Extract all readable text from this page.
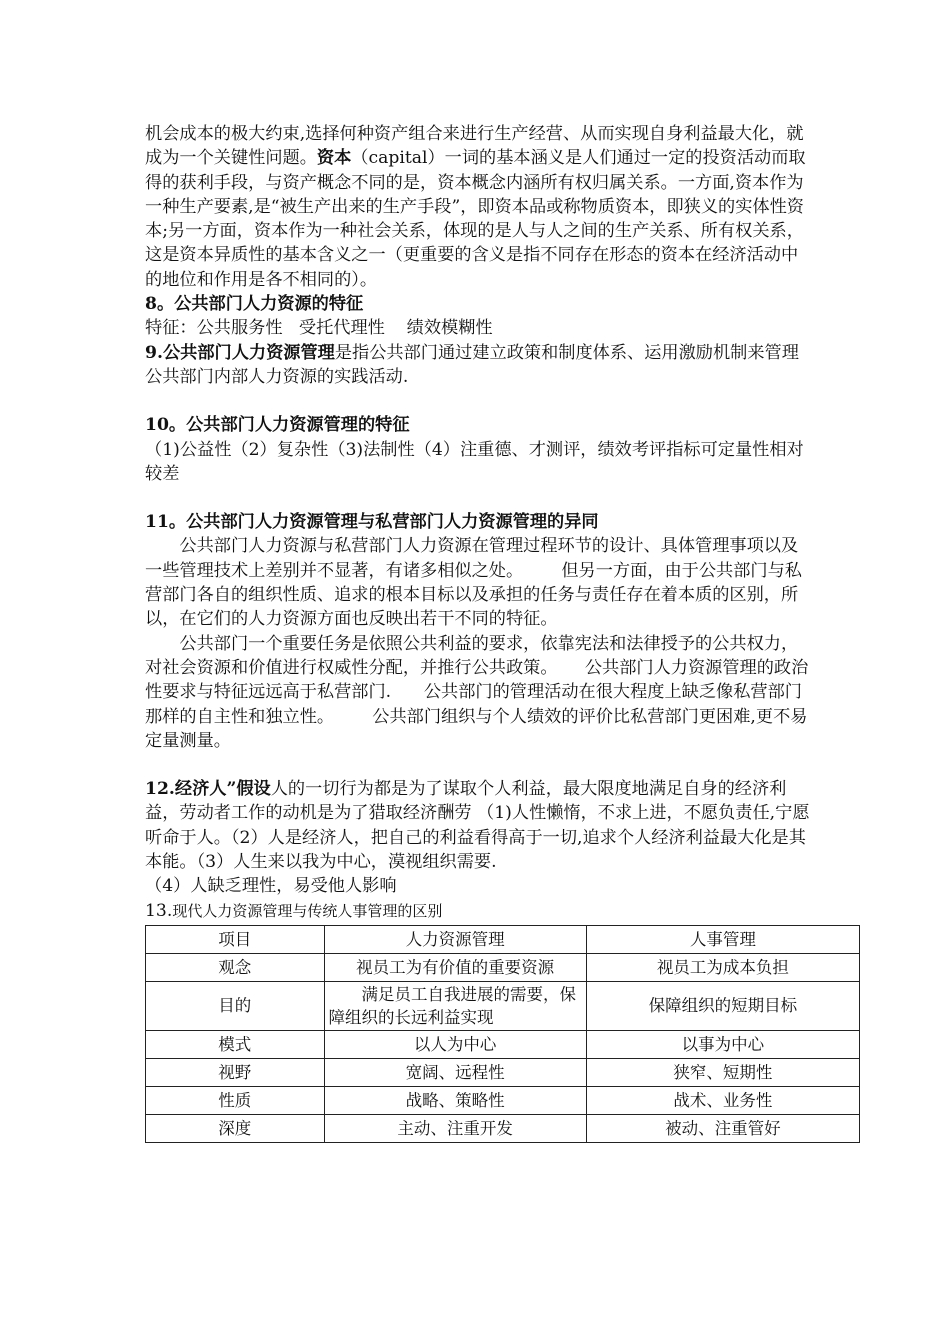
机会成本的极大约束,选择何种资产组合来进行生产经营、从而实现自身利益最大化，就成为一个关键性问题。资本（capital）一词的基本涵义是人们通过一定的投资活动而取得的获利手段，与资产概念不同的是，资本概念内涵所有权归属关系。一方面,资本作为一种生产要素,是“被生产出来的生产手段”，即资本品或称物质资本，即狭义的实体性资本;另一方面，资本作为一种社会关系，体现的是人与人之间的生产关系、所有权关系，这是资本异质性的基本含义之一（更重要的含义是指不同存在形态的资本在经济活动中的地位和作用是各不相同的）。

8。公共部门人力资源的特征

特征：公共服务性   受托代理性    绩效模糊性

9.公共部门人力资源管理是指公共部门通过建立政策和制度体系、运用激励机制来管理公共部门内部人力资源的实践活动.

10。公共部门人力资源管理的特征

（1)公益性（2）复杂性（3)法制性（4）注重德、才测评，绩效考评指标可定量性相对较差

11。公共部门人力资源管理与私营部门人力资源管理的异同

公共部门人力资源与私营部门人力资源在管理过程环节的设计、具体管理事项以及一些管理技术上差别并不显著，有诸多相似之处。       但另一方面，由于公共部门与私营部门各自的组织性质、追求的根本目标以及承担的任务与责任存在着本质的区别，所以，在它们的人力资源方面也反映出若干不同的特征。

公共部门一个重要任务是依照公共利益的要求，依靠宪法和法律授予的公共权力，对社会资源和价值进行权威性分配，并推行公共政策。     公共部门人力资源管理的政治性要求与特征远远高于私营部门.      公共部门的管理活动在很大程度上缺乏像私营部门那样的自主性和独立性。       公共部门组织与个人绩效的评价比私营部门更困难,更不易定量测量。

12.经济人”假设人的一切行为都是为了谋取个人利益，最大限度地满足自身的经济利益，劳动者工作的动机是为了猎取经济酬劳 （1)人性懒惰，不求上进，不愿负责任,宁愿听命于人。（2）人是经济人，把自己的利益看得高于一切,追求个人经济利益最大化是其本能。（3）人生来以我为中心，漠视组织需要.

（4）人缺乏理性，易受他人影响

13.现代人力资源管理与传统人事管理的区别

项目	人力资源管理	人事管理
观念	视员工为有价值的重要资源	视员工为成本负担
目的	满足员工自我进展的需要，保障组织的长远利益实现	保障组织的短期目标
模式	以人为中心	以事为中心
视野	宽阔、远程性	狭窄、短期性
性质	战略、策略性	战术、业务性
深度	主动、注重开发	被动、注重管好
